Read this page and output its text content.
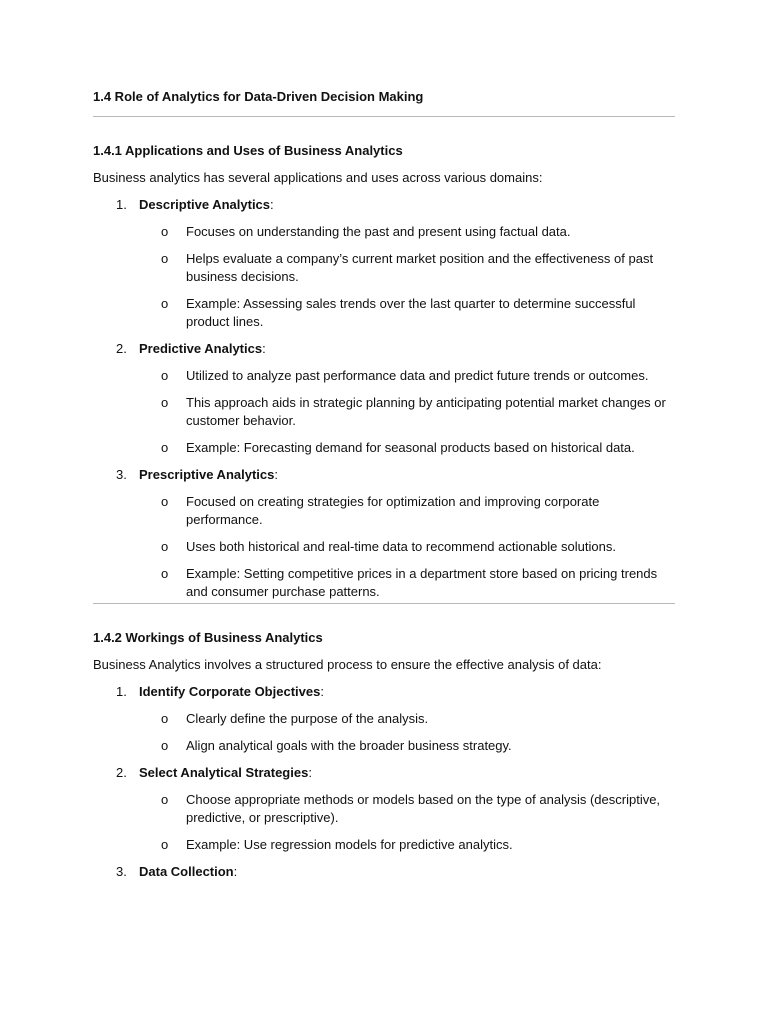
1.4 Role of Analytics for Data-Driven Decision Making
1.4.1 Applications and Uses of Business Analytics
Business analytics has several applications and uses across various domains:
1. Descriptive Analytics:
o Focuses on understanding the past and present using factual data.
o Helps evaluate a company’s current market position and the effectiveness of past business decisions.
o Example: Assessing sales trends over the last quarter to determine successful product lines.
2. Predictive Analytics:
o Utilized to analyze past performance data and predict future trends or outcomes.
o This approach aids in strategic planning by anticipating potential market changes or customer behavior.
o Example: Forecasting demand for seasonal products based on historical data.
3. Prescriptive Analytics:
o Focused on creating strategies for optimization and improving corporate performance.
o Uses both historical and real-time data to recommend actionable solutions.
o Example: Setting competitive prices in a department store based on pricing trends and consumer purchase patterns.
1.4.2 Workings of Business Analytics
Business Analytics involves a structured process to ensure the effective analysis of data:
1. Identify Corporate Objectives:
o Clearly define the purpose of the analysis.
o Align analytical goals with the broader business strategy.
2. Select Analytical Strategies:
o Choose appropriate methods or models based on the type of analysis (descriptive, predictive, or prescriptive).
o Example: Use regression models for predictive analytics.
3. Data Collection:
